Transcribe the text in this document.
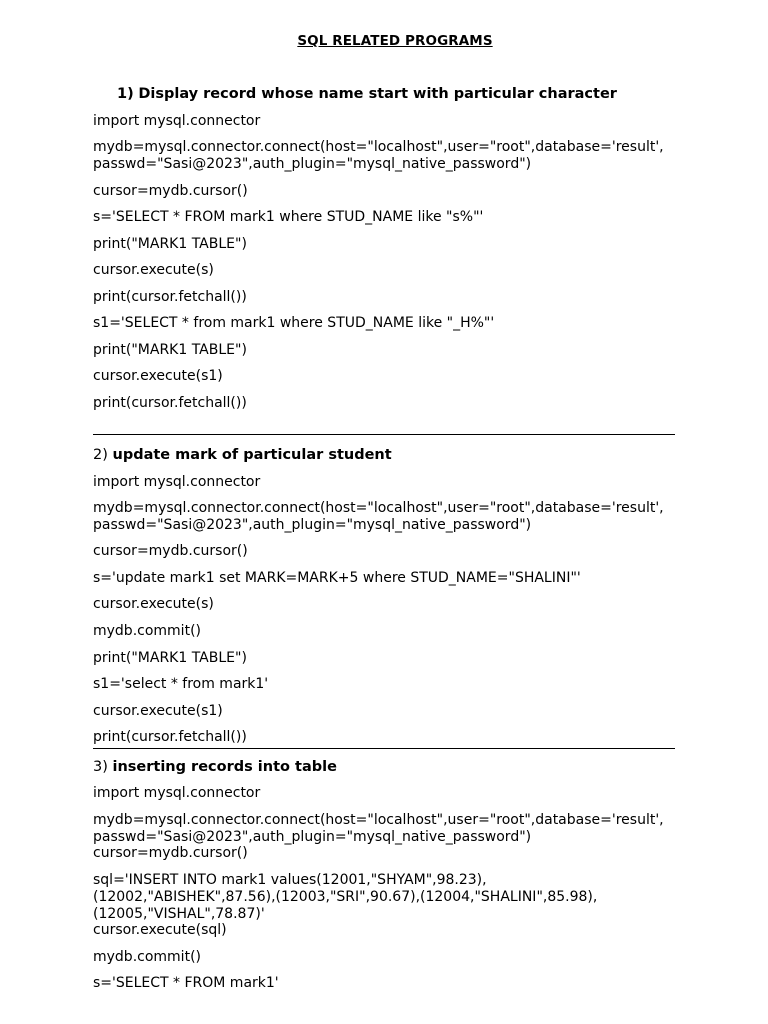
SQL RELATED PROGRAMS
1) Display record whose name start with particular character
import mysql.connector
mydb=mysql.connector.connect(host="localhost",user="root",database='result',
passwd="Sasi@2023",auth_plugin="mysql_native_password")
cursor=mydb.cursor()
s='SELECT * FROM mark1 where STUD_NAME like "s%"'
print("MARK1 TABLE")
cursor.execute(s)
print(cursor.fetchall())
s1='SELECT * from mark1 where STUD_NAME like "_H%"'
print("MARK1 TABLE")
cursor.execute(s1)
print(cursor.fetchall())
2) update mark of particular student
import mysql.connector
mydb=mysql.connector.connect(host="localhost",user="root",database='result',
passwd="Sasi@2023",auth_plugin="mysql_native_password")
cursor=mydb.cursor()
s='update mark1 set MARK=MARK+5 where STUD_NAME="SHALINI"'
cursor.execute(s)
mydb.commit()
print("MARK1 TABLE")
s1='select * from mark1'
cursor.execute(s1)
print(cursor.fetchall())
3) inserting records into table
import mysql.connector
mydb=mysql.connector.connect(host="localhost",user="root",database='result',
passwd="Sasi@2023",auth_plugin="mysql_native_password")
cursor=mydb.cursor()
sql='INSERT INTO mark1 values(12001,"SHYAM",98.23),
(12002,"ABISHEK",87.56),(12003,"SRI",90.67),(12004,"SHALINI",85.98),
(12005,"VISHAL",78.87)'
cursor.execute(sql)
mydb.commit()
s='SELECT * FROM mark1'
